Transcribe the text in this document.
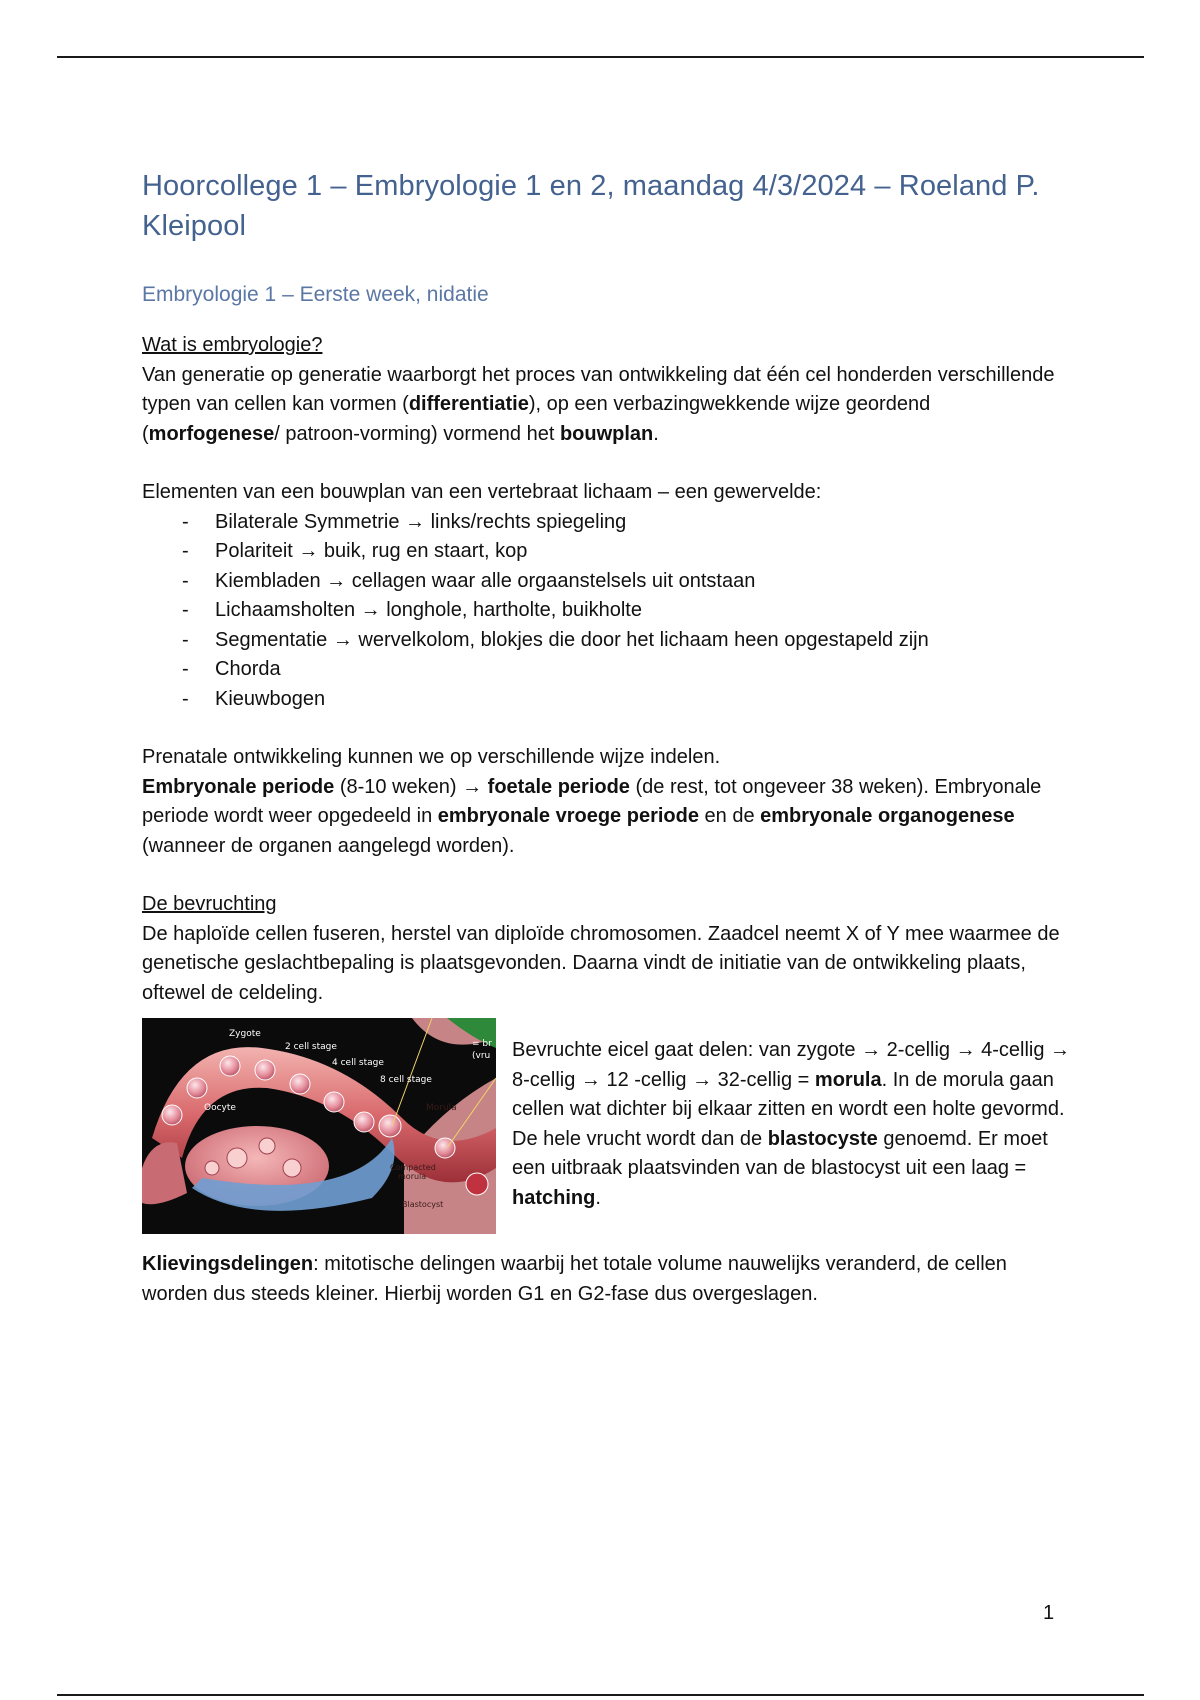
Hoorcollege 1 – Embryologie 1 en 2, maandag 4/3/2024 – Roeland P. Kleipool
Embryologie 1 – Eerste week, nidatie

Wat is embryologie?

Van generatie op generatie waarborgt het proces van ontwikkeling dat één cel honderden verschillende typen van cellen kan vormen (differentiatie), op een verbazingwekkende wijze geordend (morfogenese/ patroon-vorming) vormend het bouwplan.

Elementen van een bouwplan van een vertebraat lichaam – een gewervelde:

- Bilaterale Symmetrie → links/rechts spiegeling
- Polariteit → buik, rug en staart, kop
- Kiembladen → cellagen waar alle orgaanstelsels uit ontstaan
- Lichaamsholten → longhole, hartholte, buikholte
- Segmentatie → wervelkolom, blokjes die door het lichaam heen opgestapeld zijn
- Chorda
- Kieuwbogen

Prenatale ontwikkeling kunnen we op verschillende wijze indelen.

Embryonale periode (8-10 weken) → foetale periode (de rest, tot ongeveer 38 weken). Embryonale periode wordt weer opgedeeld in embryonale vroege periode en de embryonale organogenese (wanneer de organen aangelegd worden).

De bevruchting

De haploïde cellen fuseren, herstel van diploïde chromosomen. Zaadcel neemt X of Y mee waarmee de genetische geslachtbepaling is plaatsgevonden. Daarna vindt de initiatie van de ontwikkeling plaats, oftewel de celdeling.

Zygote
2 cell stage
4 cell stage
8 cell stage
Oocyte	Morula
Compacted
morula
Blastocyst
= br
(vru Bevruchte eicel gaat delen: van zygote → 2-cellig → 4-cellig → 8-cellig → 12 -cellig → 32-cellig = morula. In de morula gaan cellen wat dichter bij elkaar zitten en wordt een holte gevormd. De hele vrucht wordt dan de blastocyste genoemd. Er moet een uitbraak plaatsvinden van de blastocyst uit een laag = hatching.

Klievingsdelingen: mitotische delingen waarbij het totale volume nauwelijks veranderd, de cellen worden dus steeds kleiner. Hierbij worden G1 en G2-fase dus overgeslagen.

1
